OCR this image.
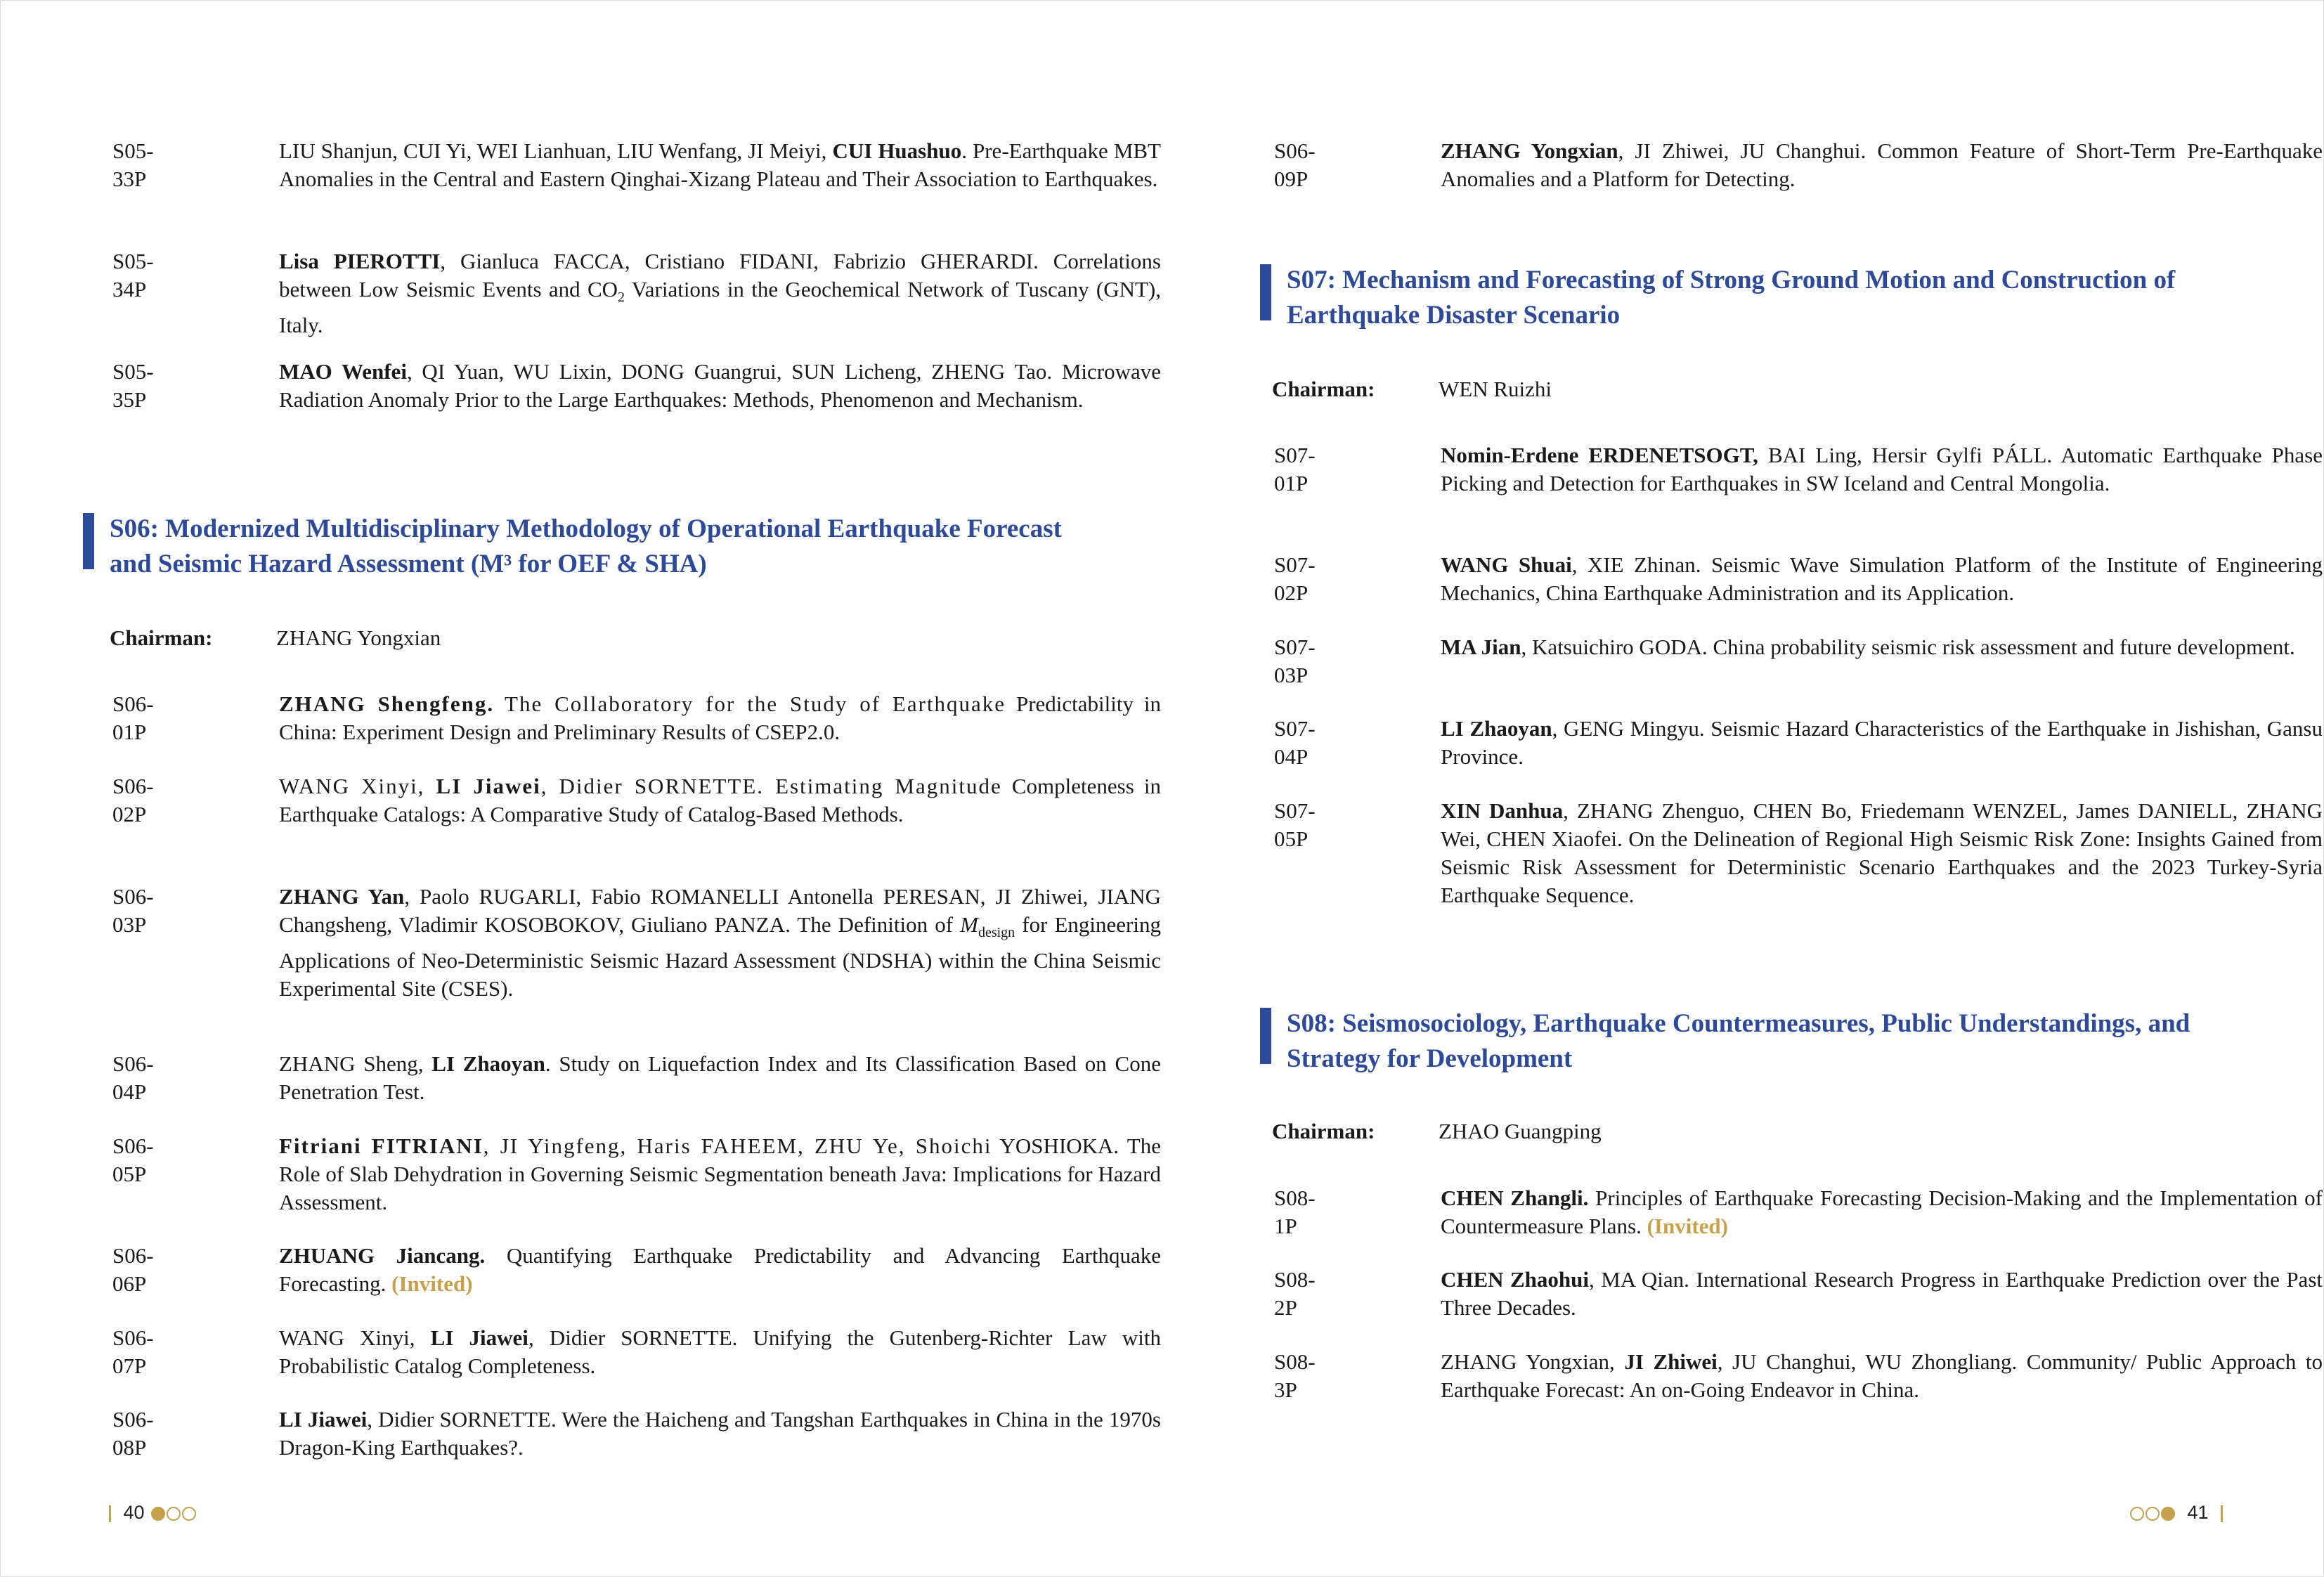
S05-33P
LIU Shanjun, CUI Yi, WEI Lianhuan, LIU Wenfang, JI Meiyi, CUI Huashuo. Pre-Earthquake MBT Anomalies in the Central and Eastern Qinghai-Xizang Plateau and Their Association to Earthquakes.
S05-34P
Lisa PIEROTTI, Gianluca FACCA, Cristiano FIDANI, Fabrizio GHERARDI. Correlations between Low Seismic Events and $CO_2$ Variations in the Geochemical Network of Tuscany (GNT), Italy.
S05-35P
MAO Wenfei, QI Yuan, WU Lixin, DONG Guangrui, SUN Licheng, ZHENG Tao. Microwave Radiation Anomaly Prior to the Large Earthquakes: Methods, Phenomenon and Mechanism.
S06: Modernized Multidisciplinary Methodology of Operational Earthquake Forecast and Seismic Hazard Assessment (M³ for OEF & SHA)
Chairman:	ZHANG Yongxian
S06-01P
ZHANG Shengfeng. The Collaboratory for the Study of Earthquake Predictability in China: Experiment Design and Preliminary Results of CSEP2.0.
S06-02P
WANG Xinyi, LI Jiawei, Didier SORNETTE. Estimating Magnitude Completeness in Earthquake Catalogs: A Comparative Study of Catalog-Based Methods.
S06-03P
ZHANG Yan, Paolo RUGARLI, Fabio ROMANELLI Antonella PERESAN, JI Zhiwei, JIANG Changsheng, Vladimir KOSOBOKOV, Giuliano PANZA. The Definition of $M_{design}$ for Engineering Applications of Neo-Deterministic Seismic Hazard Assessment (NDSHA) within the China Seismic Experimental Site (CSES).
S06-04P
ZHANG Sheng, LI Zhaoyan. Study on Liquefaction Index and Its Classification Based on Cone Penetration Test.
S06-05P
Fitriani FITRIANI, JI Yingfeng, Haris FAHEEM, ZHU Ye, Shoichi YOSHIOKA. The Role of Slab Dehydration in Governing Seismic Segmentation beneath Java: Implications for Hazard Assessment.
S06-06P
ZHUANG Jiancang. Quantifying Earthquake Predictability and Advancing Earthquake Forecasting. (Invited)
S06-07P
WANG Xinyi, LI Jiawei, Didier SORNETTE. Unifying the Gutenberg-Richter Law with Probabilistic Catalog Completeness.
S06-08P
LI Jiawei, Didier SORNETTE. Were the Haicheng and Tangshan Earthquakes in China in the 1970s Dragon-King Earthquakes?.
40
S06-09P
ZHANG Yongxian, JI Zhiwei, JU Changhui. Common Feature of Short-Term Pre-Earthquake Anomalies and a Platform for Detecting.
S07: Mechanism and Forecasting of Strong Ground Motion and Construction of Earthquake Disaster Scenario
Chairman:	WEN Ruizhi
S07-01P
Nomin-Erdene ERDENETSOGT, BAI Ling, Hersir Gylfi PÁLL. Automatic Earthquake Phase Picking and Detection for Earthquakes in SW Iceland and Central Mongolia.
S07-02P
WANG Shuai, XIE Zhinan. Seismic Wave Simulation Platform of the Institute of Engineering Mechanics, China Earthquake Administration and its Application.
S07-03P
MA Jian, Katsuichiro GODA. China probability seismic risk assessment and future development.
S07-04P
LI Zhaoyan, GENG Mingyu. Seismic Hazard Characteristics of the Earthquake in Jishishan, Gansu Province.
S07-05P
XIN Danhua, ZHANG Zhenguo, CHEN Bo, Friedemann WENZEL, James DANIELL, ZHANG Wei, CHEN Xiaofei. On the Delineation of Regional High Seismic Risk Zone: Insights Gained from Seismic Risk Assessment for Deterministic Scenario Earthquakes and the 2023 Turkey-Syria Earthquake Sequence.
S08: Seismosociology, Earthquake Countermeasures, Public Understandings, and Strategy for Development
Chairman:	ZHAO Guangping
S08-1P
CHEN Zhangli. Principles of Earthquake Forecasting Decision-Making and the Implementation of Countermeasure Plans. (Invited)
S08-2P
CHEN Zhaohui, MA Qian. International Research Progress in Earthquake Prediction over the Past Three Decades.
S08-3P
ZHANG Yongxian, JI Zhiwei, JU Changhui, WU Zhongliang. Community/ Public Approach to Earthquake Forecast: An on-Going Endeavor in China.
41
